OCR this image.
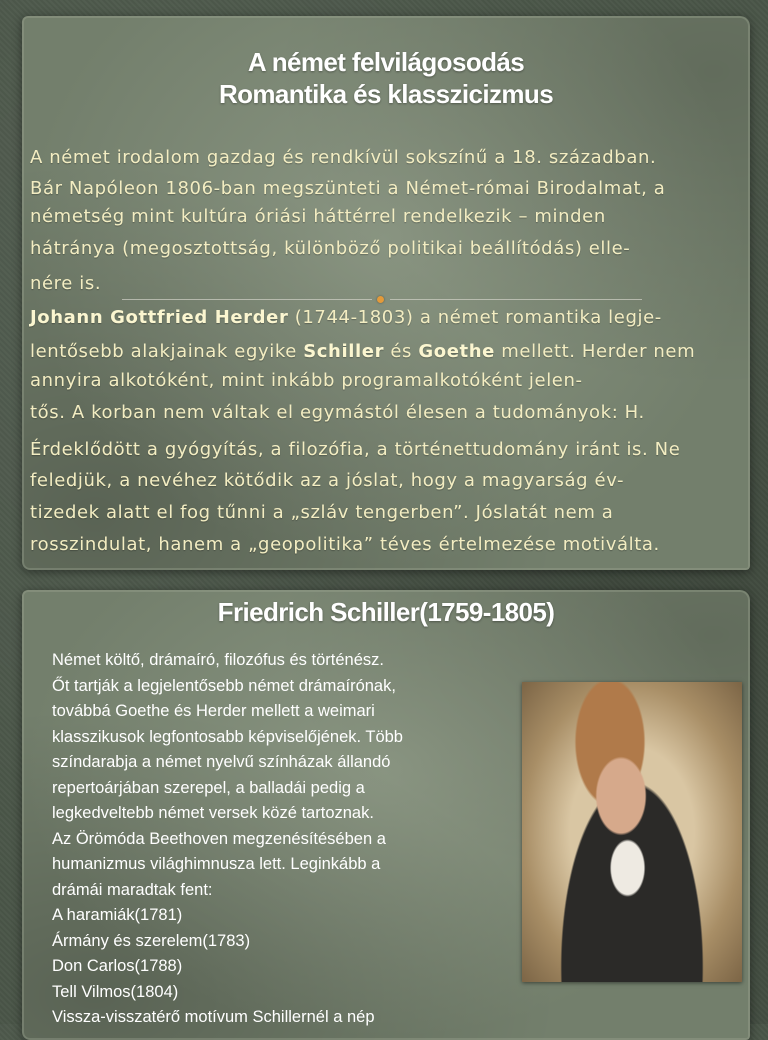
A német felvilágosodás
Romantika és klasszicizmus

A német irodalom gazdag és rendkívül sokszínű a 18. században.

Bár Napóleon 1806-ban megszünteti a Német-római Birodalmat, a

németség mint kultúra óriási háttérrel rendelkezik – minden

hátránya (megosztottság, különböző politikai beállítódás) elle-

nére is.

Johann Gottfried Herder (1744-1803) a német romantika legje-

lentősebb alakjainak egyike Schiller és Goethe mellett. Herder nem

annyira alkotóként, mint inkább programalkotóként jelen-

tős. A korban nem váltak el egymástól élesen a tudományok: H.

Érdeklődött a gyógyítás, a filozófia, a történettudomány iránt is. Ne

feledjük, a nevéhez kötődik az a jóslat, hogy a magyarság év-

tizedek alatt el fog tűnni a „szláv tengerben”. Jóslatát nem a

rosszindulat, hanem a „geopolitika” téves értelmezése motiválta.

Friedrich Schiller(1759-1805)
Német költő, drámaíró, filozófus és történész.
Őt tartják a legjelentősebb német drámaírónak,
továbbá Goethe és Herder mellett a weimari
klasszikusok legfontosabb képviselőjének. Több
színdarabja a német nyelvű színházak állandó
repertoárjában szerepel, a balladái pedig a
legkedveltebb német versek közé tartoznak.
Az Örömóda Beethoven megzenésítésében a
humanizmus világhimnusza lett. Leginkább a
drámái maradtak fent:
A haramiák(1781)
Ármány és szerelem(1783)
Don Carlos(1788)
Tell Vilmos(1804)
Vissza-visszatérő motívum Schillernél a nép
